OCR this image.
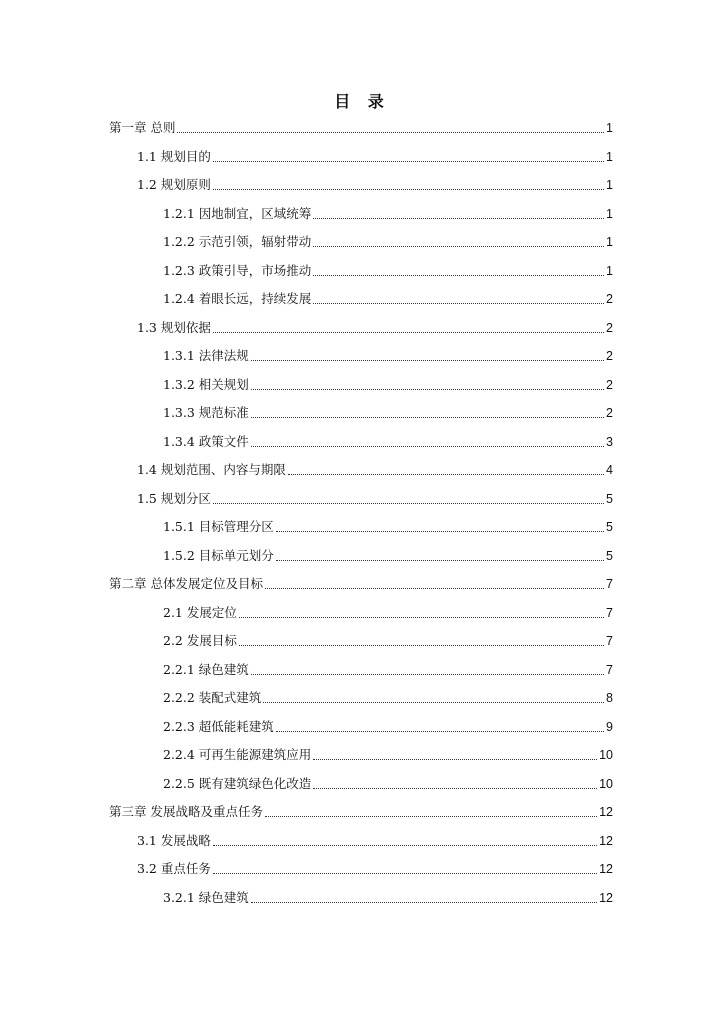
目 录
第一章 总则	1
1.1 规划目的	1
1.2 规划原则	1
1.2.1 因地制宜，区域统筹	1
1.2.2 示范引领，辐射带动	1
1.2.3 政策引导，市场推动	1
1.2.4 着眼长远，持续发展	2
1.3 规划依据	2
1.3.1 法律法规	2
1.3.2 相关规划	2
1.3.3 规范标准	2
1.3.4 政策文件	3
1.4 规划范围、内容与期限	4
1.5 规划分区	5
1.5.1 目标管理分区	5
1.5.2 目标单元划分	5
第二章 总体发展定位及目标	7
2.1 发展定位	7
2.2 发展目标	7
2.2.1 绿色建筑	7
2.2.2 装配式建筑	8
2.2.3 超低能耗建筑	9
2.2.4 可再生能源建筑应用	10
2.2.5 既有建筑绿色化改造	10
第三章 发展战略及重点任务	12
3.1 发展战略	12
3.2 重点任务	12
3.2.1 绿色建筑	12
